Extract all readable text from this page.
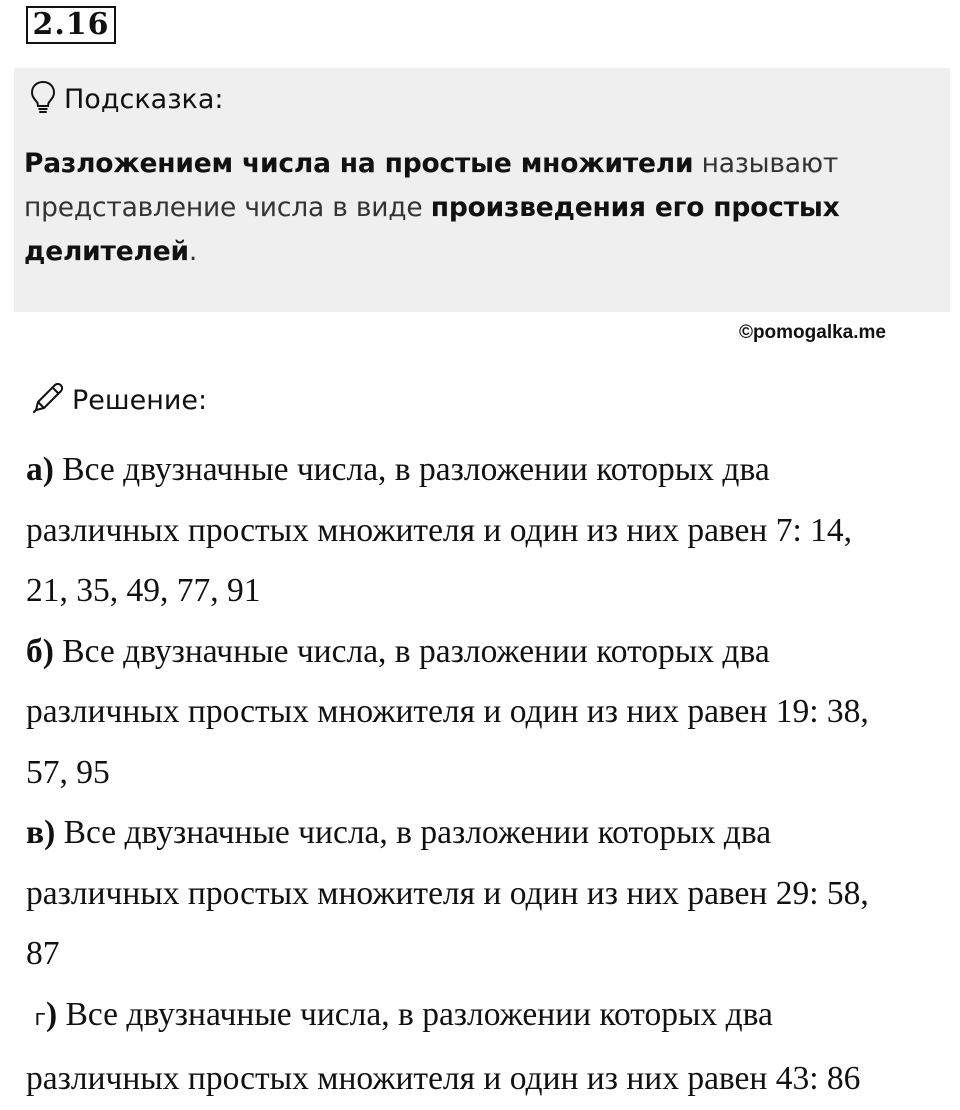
2.16
Подсказка:
Разложением числа на простые множители называют представление числа в виде произведения его простых делителей.
©pomogalka.me
Решение:
а) Все двузначные числа, в разложении которых два
различных простых множителя и один из них равен 7: 14,
21, 35, 49, 77, 91
б) Все двузначные числа, в разложении которых два
различных простых множителя и один из них равен 19: 38,
57, 95
в) Все двузначные числа, в разложении которых два
различных простых множителя и один из них равен 29: 58,
87
г) Все двузначные числа, в разложении которых два
различных простых множителя и один из них равен 43: 86
